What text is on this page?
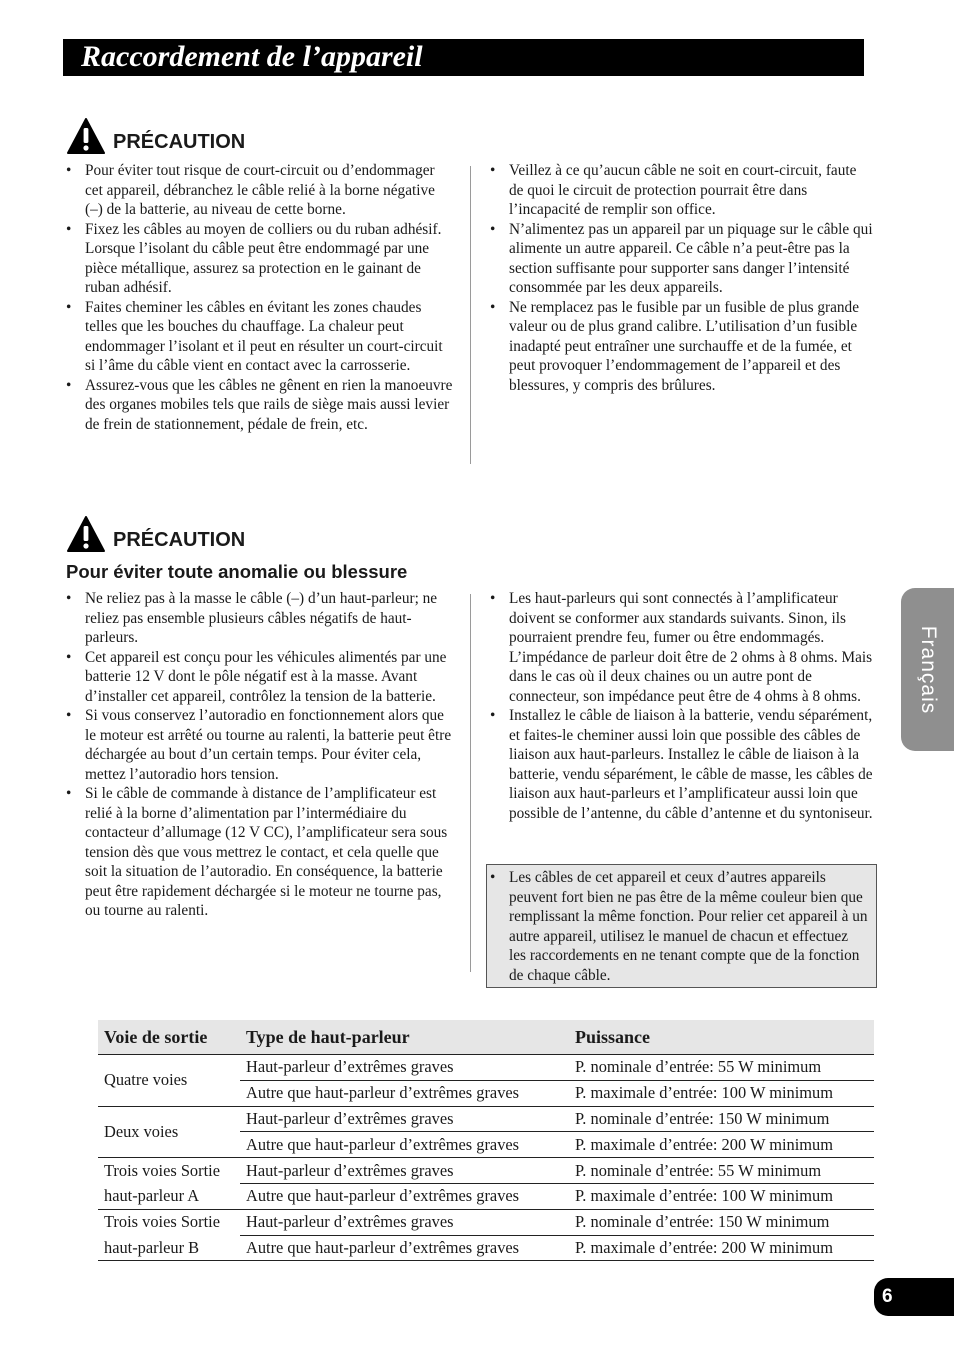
Raccordement de l’appareil
PRÉCAUTION
• Pour éviter tout risque de court-circuit ou d’endommager cet appareil, débranchez le câble relié à la borne négative (–) de la batterie, au niveau de cette borne.
• Fixez les câbles au moyen de colliers ou du ruban adhésif. Lorsque l’isolant du câble peut être endommagé par une pièce métallique, assurez sa protection en le gainant de ruban adhésif.
• Faites cheminer les câbles en évitant les zones chaudes telles que les bouches du chauffage. La chaleur peut endommager l’isolant et il peut en résulter un court-circuit si l’âme du câble vient en contact avec la carrosserie.
• Assurez-vous que les câbles ne gênent en rien la manoeuvre des organes mobiles tels que rails de siège mais aussi levier de frein de stationnement, pédale de frein, etc.
• Veillez à ce qu’aucun câble ne soit en court-circuit, faute de quoi le circuit de protection pourrait être dans l’incapacité de remplir son office.
• N’alimentez pas un appareil par un piquage sur le câble qui alimente un autre appareil. Ce câble n’a peut-être pas la section suffisante pour supporter sans danger l’intensité consommée par les deux appareils.
• Ne remplacez pas le fusible par un fusible de plus grande valeur ou de plus grand calibre. L’utilisation d’un fusible inadapté peut entraîner une surchauffe et de la fumée, et peut provoquer l’endommagement de l’appareil et des blessures, y compris des brûlures.
PRÉCAUTION
Pour éviter toute anomalie ou blessure
• Ne reliez pas à la masse le câble (–) d’un haut-parleur; ne reliez pas ensemble plusieurs câbles négatifs de haut-parleurs.
• Cet appareil est conçu pour les véhicules alimentés par une batterie 12 V dont le pôle négatif est à la masse. Avant d’installer cet appareil, contrôlez la tension de la batterie.
• Si vous conservez l’autoradio en fonctionnement alors que le moteur est arrêté ou tourne au ralenti, la batterie peut être déchargée au bout d’un certain temps. Pour éviter cela, mettez l’autoradio hors tension.
• Si le câble de commande à distance de l’amplificateur est relié à la borne d’alimentation par l’intermédiaire du contacteur d’allumage (12 V CC), l’amplificateur sera sous tension dès que vous mettrez le contact, et cela quelle que soit la situation de l’autoradio. En conséquence, la batterie peut être rapidement déchargée si le moteur ne tourne pas, ou tourne au ralenti.
• Les haut-parleurs qui sont connectés à l’amplificateur doivent se conformer aux standards suivants. Sinon, ils pourraient prendre feu, fumer ou être endommagés. L’impédance de parleur doit être de 2 ohms à 8 ohms. Mais dans le cas où il deux chaines ou un autre pont de connecteur, son impédance peut être de 4 ohms à 8 ohms.
• Installez le câble de liaison à la batterie, vendu séparément, et faites-le cheminer aussi loin que possible des câbles de liaison aux haut-parleurs. Installez le câble de liaison à la batterie, vendu séparément, le câble de masse, les câbles de liaison aux haut-parleurs et l’amplificateur aussi loin que possible de l’antenne, du câble d’antenne et du syntoniseur.
• Les câbles de cet appareil et ceux d’autres appareils peuvent fort bien ne pas être de la même couleur bien que remplissant la même fonction. Pour relier cet appareil à un autre appareil, utilisez le manuel de chacun et effectuez les raccordements en ne tenant compte que de la fonction de chaque câble.
Voie de sortie	Type de haut-parleur	Puissance
Quatre voies	Haut-parleur d’extrêmes graves	P. nominale d’entrée: 55 W minimum
	Autre que haut-parleur d’extrêmes graves	P. maximale d’entrée: 100 W minimum
Deux voies	Haut-parleur d’extrêmes graves	P. nominale d’entrée: 150 W minimum
	Autre que haut-parleur d’extrêmes graves	P. maximale d’entrée: 200 W minimum
Trois voies Sortie	Haut-parleur d’extrêmes graves	P. nominale d’entrée: 55 W minimum
haut-parleur A	Autre que haut-parleur d’extrêmes graves	P. maximale d’entrée: 100 W minimum
Trois voies Sortie	Haut-parleur d’extrêmes graves	P. nominale d’entrée: 150 W minimum
haut-parleur B	Autre que haut-parleur d’extrêmes graves	P. maximale d’entrée: 200 W minimum
Français
6
